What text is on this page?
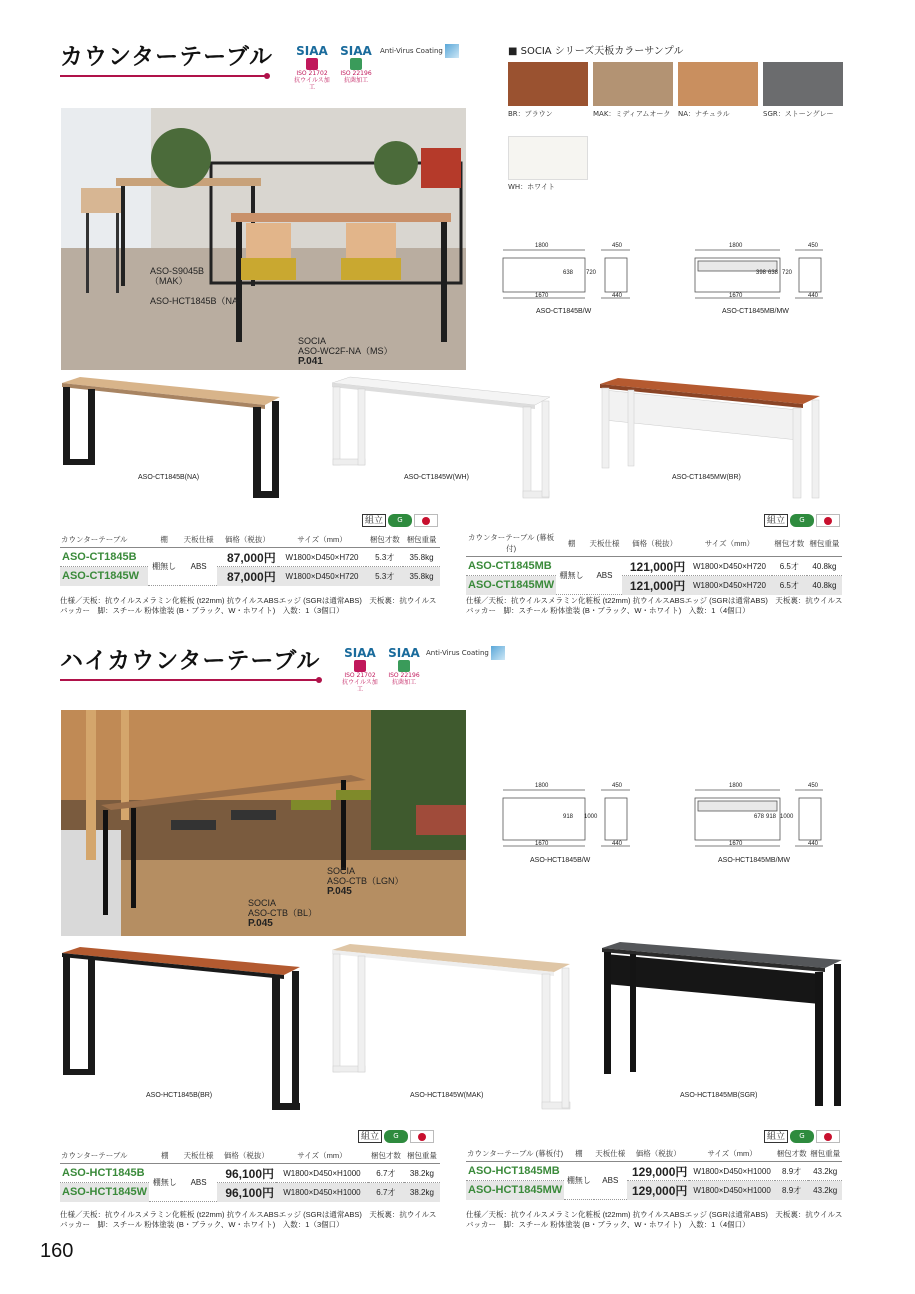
カウンターテーブル	SIAA
ISO 21702
抗ウイルス加工
SIAA
ISO 22196
抗菌加工
Anti-Virus Coating
ASO-S9045B
（MAK）
ASO-HCT1845B（NA）
SOCIA
ASO-WC2F-NA（MS）
P.041
■ SOCIA シリーズ天板カラーサンプル
BR：ブラウン	MAK：ミディアムオーク NA：ナチュラル	SGR：ストーングレー
WH：ホワイト
1800	450
1670	440
638 720
ASO-CT1845B/W
1800	450
1670	440
398 638 720
ASO-CT1845MB/MW
ASO-CT1845B(NA)	ASO-CT1845W(WH)	ASO-CT1845MW(BR)
組立	G	組立	G
カウンターテーブル	棚	天板仕様	価格（税抜）	サイズ（mm）	梱包才数	梱包重量
ASO-CT1845B	棚無し	ABS	87,000円	W1800×D450×H720	5.3才	35.8kg
ASO-CT1845W			87,000円	W1800×D450×H720	5.3才	35.8kg
仕様／天板：抗ウイルスメラミン化粧板 (t22mm) 抗ウイルスABSエッジ (SGRは通常ABS)　天板裏：抗ウイルス
バッカー　脚：スチール 粉体塗装 (B・ブラック、W・ホワイト)　入数：1（3個口）
カウンターテーブル (幕板付)	棚	天板仕様	価格（税抜）	サイズ（mm）	梱包才数	梱包重量
ASO-CT1845MB	棚無し	ABS	121,000円	W1800×D450×H720	6.5才	40.8kg
ASO-CT1845MW			121,000円	W1800×D450×H720	6.5才	40.8kg
仕様／天板：抗ウイルスメラミン化粧板 (t22mm) 抗ウイルスABSエッジ (SGRは通常ABS)　天板裏：抗ウイルス
バッカー　脚：スチール 粉体塗装 (B・ブラック、W・ホワイト)　入数：1（4個口）
ハイカウンターテーブル	SIAA
ISO 21702
抗ウイルス加工
SIAA
ISO 22196
抗菌加工
Anti-Virus Coating
SOCIA
ASO-CTB（LGN）
P.045
SOCIA
ASO-CTB（BL）
P.045
1800	450
1670	440
918 1000
ASO-HCT1845B/W
1800	450
1670	440
678 918 1000
ASO-HCT1845MB/MW
ASO-HCT1845B(BR)	ASO-HCT1845W(MAK)	ASO-HCT1845MB(SGR)
組立	G	組立	G
カウンターテーブル	棚	天板仕様	価格（税抜）	サイズ（mm）	梱包才数	梱包重量
ASO-HCT1845B	棚無し	ABS	96,100円	W1800×D450×H1000	6.7才	38.2kg
ASO-HCT1845W			96,100円	W1800×D450×H1000	6.7才	38.2kg
仕様／天板：抗ウイルスメラミン化粧板 (t22mm) 抗ウイルスABSエッジ (SGRは通常ABS)　天板裏：抗ウイルス
バッカー　脚：スチール 粉体塗装 (B・ブラック、W・ホワイト)　入数：1（3個口）
カウンターテーブル (幕板付)	棚	天板仕様	価格（税抜）	サイズ（mm）	梱包才数	梱包重量
ASO-HCT1845MB	棚無し	ABS	129,000円	W1800×D450×H1000	8.9才	43.2kg
ASO-HCT1845MW			129,000円	W1800×D450×H1000	8.9才	43.2kg
仕様／天板：抗ウイルスメラミン化粧板 (t22mm) 抗ウイルスABSエッジ (SGRは通常ABS)　天板裏：抗ウイルス
バッカー　脚：スチール 粉体塗装 (B・ブラック、W・ホワイト)　入数：1（4個口）
160
